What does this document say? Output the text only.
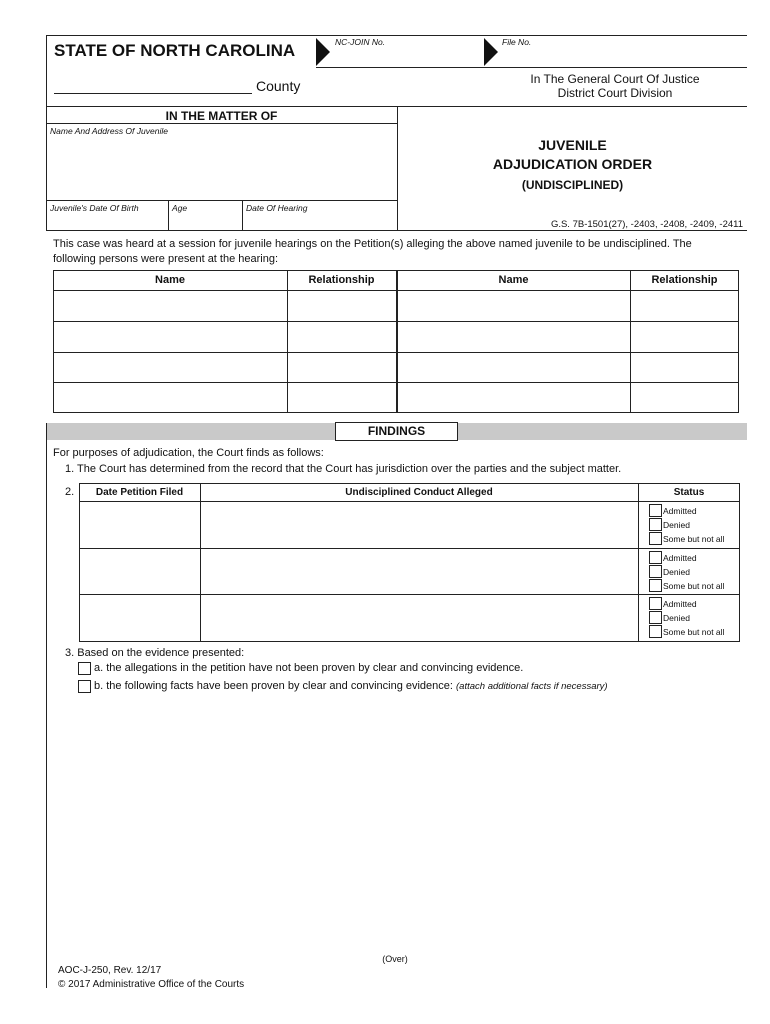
STATE OF NORTH CAROLINA	NC-JOIN No.	File No.
County	In The General Court Of Justice
District Court Division
IN THE MATTER OF
Name And Address Of Juvenile
Juvenile's Date Of Birth	Age	Date Of Hearing
JUVENILE
ADJUDICATION ORDER
(UNDISCIPLINED)
G.S. 7B-1501(27), -2403, -2408, -2409, -2411
This case was heard at a session for juvenile hearings on the Petition(s) alleging the above named juvenile to be undisciplined. The
following persons were present at the hearing:
Name	Relationship	Name	Relationship
FINDINGS
For purposes of adjudication, the Court finds as follows:
1. The Court has determined from the record that the Court has jurisdiction over the parties and the subject matter.
2.	Date Petition Filed	Undisciplined Conduct Alleged	Status
Admitted
Denied
Some but not all
Admitted
Denied
Some but not all
Admitted
Denied
Some but not all
3. Based on the evidence presented:
a. the allegations in the petition have not been proven by clear and convincing evidence.
b. the following facts have been proven by clear and convincing evidence: (attach additional facts if necessary)
(Over)
AOC-J-250, Rev. 12/17
© 2017 Administrative Office of the Courts
